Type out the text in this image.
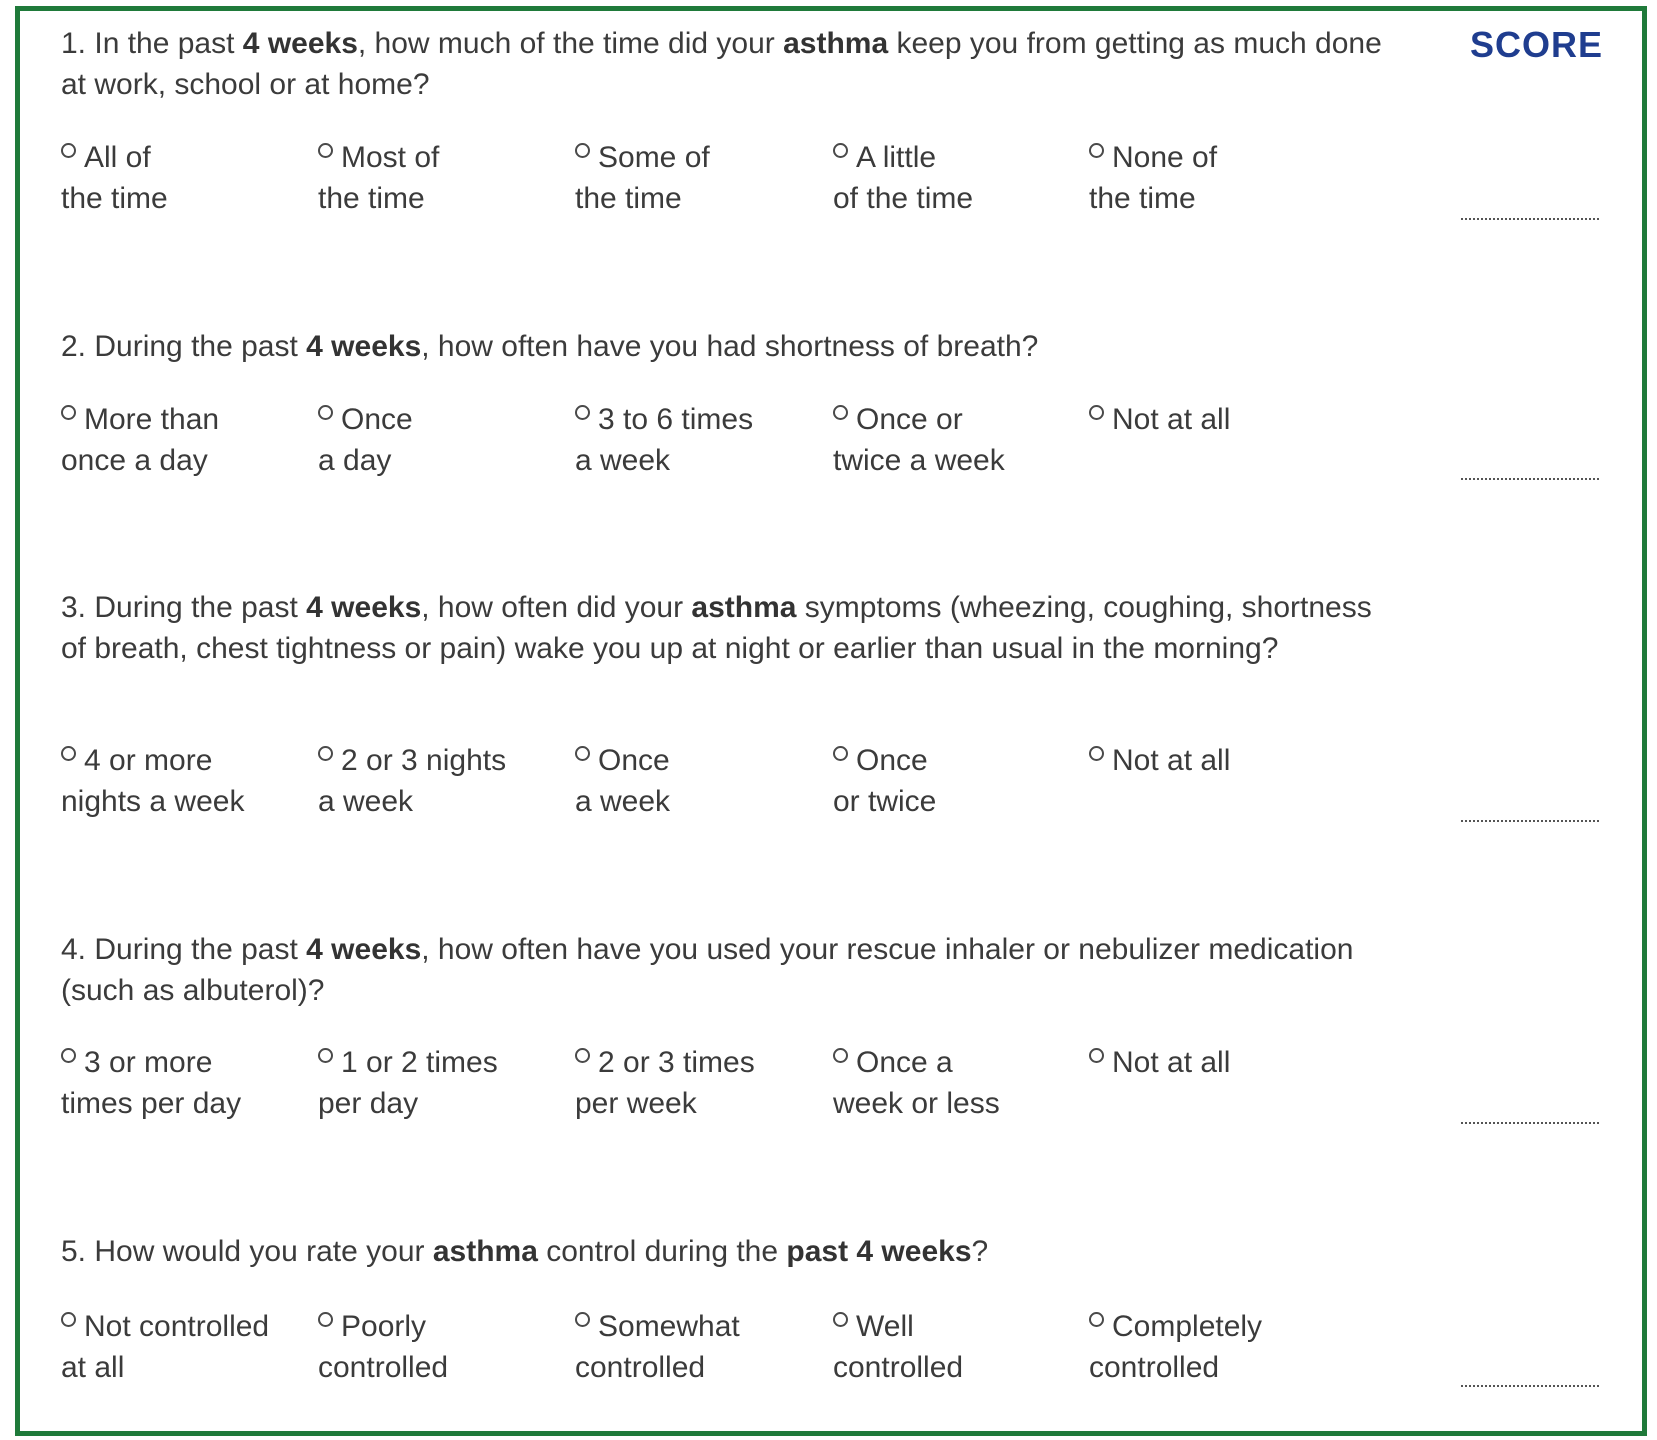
SCORE
1. In the past 4 weeks, how much of the time did your asthma keep you from getting as much done at work, school or at home?
All of
the time
Most of
the time
Some of
the time
A little
of the time
None of
the time
2. During the past 4 weeks, how often have you had shortness of breath?
More than
once a day
Once
a day
3 to 6 times
a week
Once or
twice a week
Not at all
3. During the past 4 weeks, how often did your asthma symptoms (wheezing, coughing, shortness of breath, chest tightness or pain) wake you up at night or earlier than usual in the morning?
4 or more
nights a week
2 or 3 nights
a week
Once
a week
Once
or twice
Not at all
4. During the past 4 weeks, how often have you used your rescue inhaler or nebulizer medication (such as albuterol)?
3 or more
times per day
1 or 2 times
per day
2 or 3 times
per week
Once a
week or less
Not at all
5. How would you rate your asthma control during the past 4 weeks?
Not controlled
at all
Poorly
controlled
Somewhat
controlled
Well
controlled
Completely
controlled
